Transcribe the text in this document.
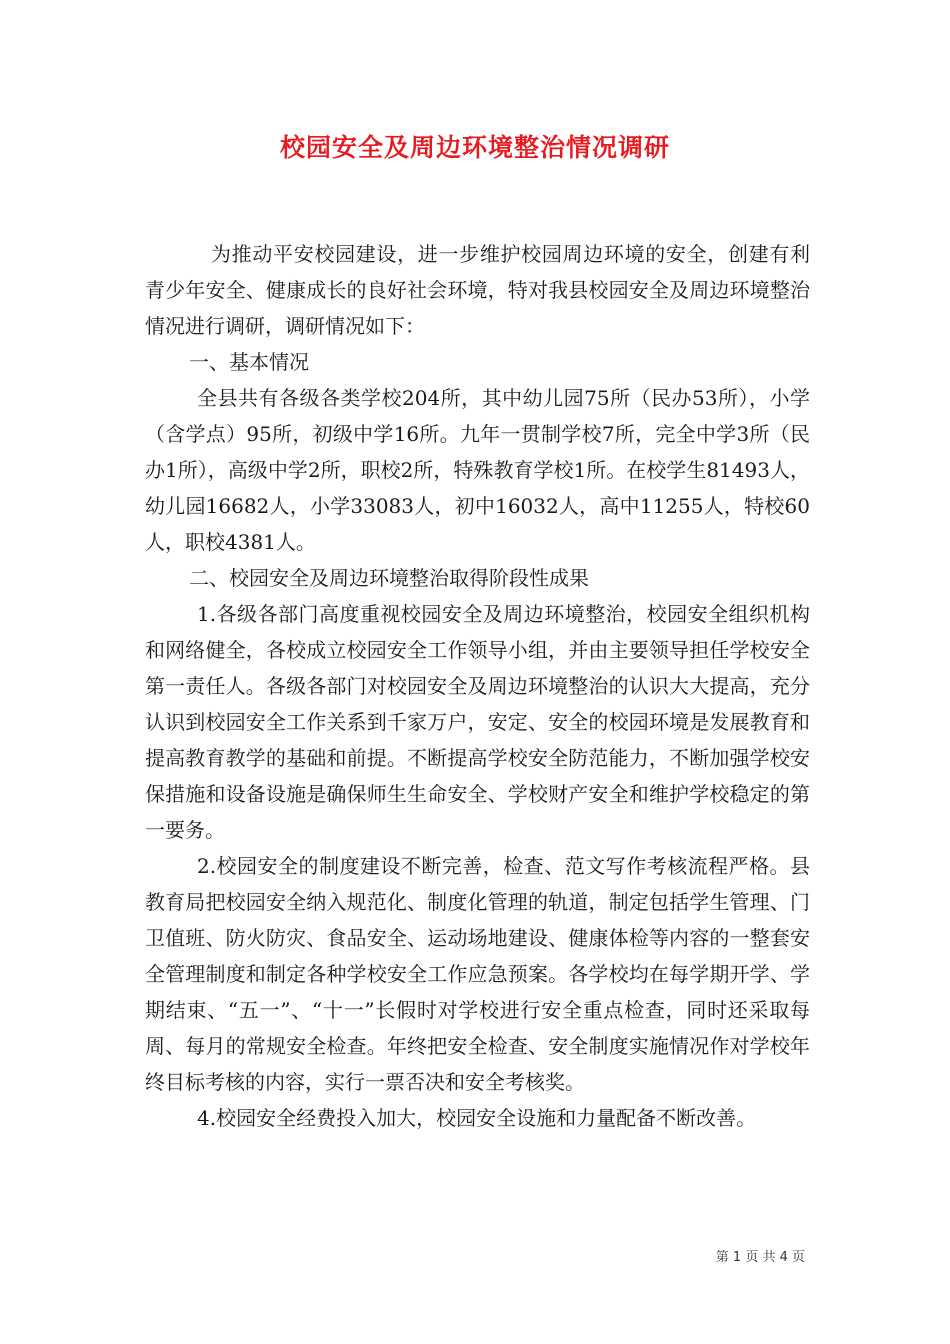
校园安全及周边环境整治情况调研

为推动平安校园建设，进一步维护校园周边环境的安全，创建有利青少年安全、健康成长的良好社会环境，特对我县校园安全及周边环境整治情况进行调研，调研情况如下：

一、基本情况

全县共有各级各类学校204所，其中幼儿园75所（民办53所），小学（含学点）95所，初级中学16所。九年一贯制学校7所，完全中学3所（民办1所），高级中学2所，职校2所，特殊教育学校1所。在校学生81493人，幼儿园16682人，小学33083人，初中16032人，高中11255人，特校60人，职校4381人。

二、校园安全及周边环境整治取得阶段性成果

1.各级各部门高度重视校园安全及周边环境整治，校园安全组织机构和网络健全，各校成立校园安全工作领导小组，并由主要领导担任学校安全第一责任人。各级各部门对校园安全及周边环境整治的认识大大提高，充分认识到校园安全工作关系到千家万户，安定、安全的校园环境是发展教育和提高教育教学的基础和前提。不断提高学校安全防范能力，不断加强学校安保措施和设备设施是确保师生生命安全、学校财产安全和维护学校稳定的第一要务。

2.校园安全的制度建设不断完善，检查、范文写作考核流程严格。县教育局把校园安全纳入规范化、制度化管理的轨道，制定包括学生管理、门卫值班、防火防灾、食品安全、运动场地建设、健康体检等内容的一整套安全管理制度和制定各种学校安全工作应急预案。各学校均在每学期开学、学期结束、“五一”、“十一”长假时对学校进行安全重点检查，同时还采取每周、每月的常规安全检查。年终把安全检查、安全制度实施情况作对学校年终目标考核的内容，实行一票否决和安全考核奖。

4.校园安全经费投入加大，校园安全设施和力量配备不断改善。

第 1 页 共 4 页
